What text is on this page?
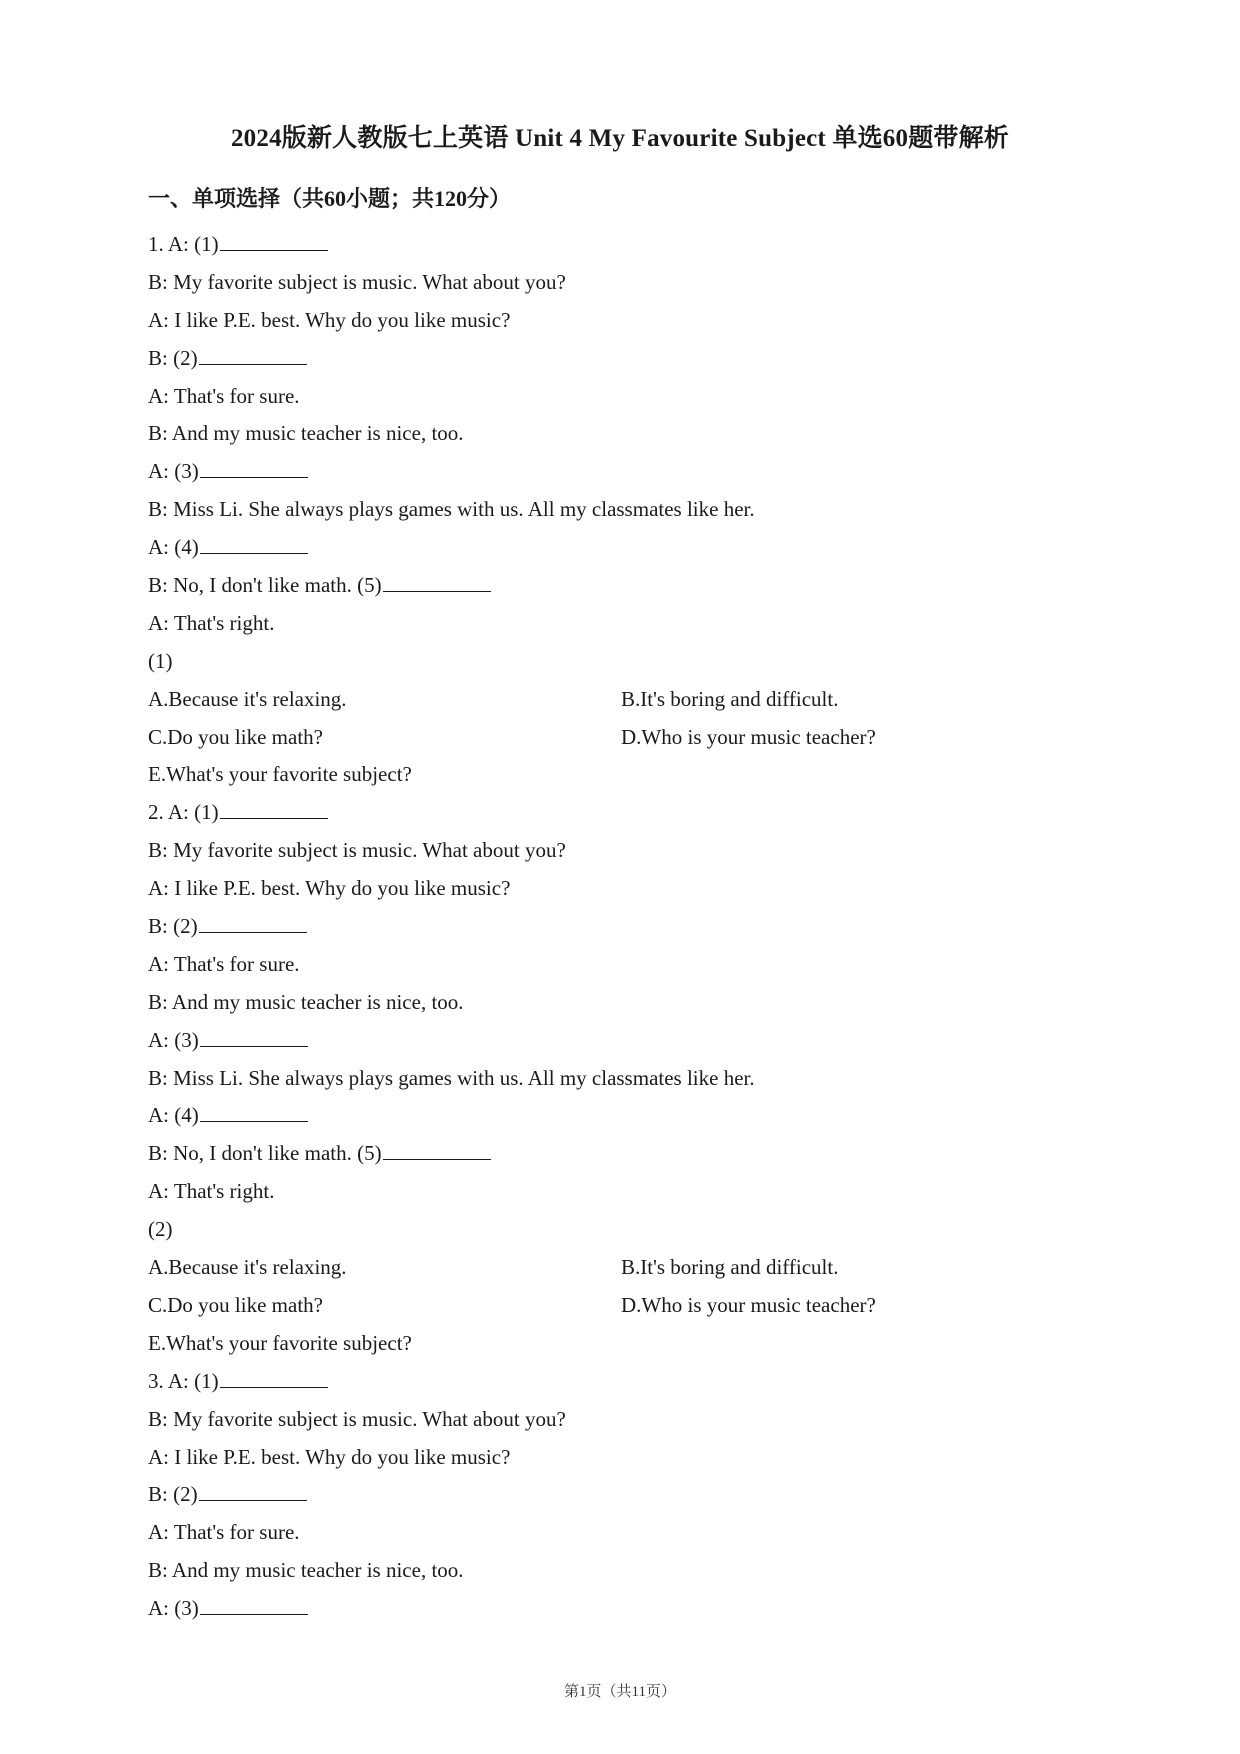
2024版新人教版七上英语 Unit 4 My Favourite Subject 单选60题带解析
一、单项选择（共60小题；共120分）
1. A: (1)
B: My favorite subject is music. What about you?
A: I like P.E. best. Why do you like music?
B: (2)
A: That's for sure.
B: And my music teacher is nice, too.
A: (3)
B: Miss Li. She always plays games with us. All my classmates like her.
A: (4)
B: No, I don't like math. (5)
A: That's right.
(1)
A.Because it's relaxing.	B.It's boring and difficult.
C.Do you like math?	D.Who is your music teacher?
E.What's your favorite subject?
2. A: (1)
B: My favorite subject is music. What about you?
A: I like P.E. best. Why do you like music?
B: (2)
A: That's for sure.
B: And my music teacher is nice, too.
A: (3)
B: Miss Li. She always plays games with us. All my classmates like her.
A: (4)
B: No, I don't like math. (5)
A: That's right.
(2)
A.Because it's relaxing.	B.It's boring and difficult.
C.Do you like math?	D.Who is your music teacher?
E.What's your favorite subject?
3. A: (1)
B: My favorite subject is music. What about you?
A: I like P.E. best. Why do you like music?
B: (2)
A: That's for sure.
B: And my music teacher is nice, too.
A: (3)
第1页（共11页）
